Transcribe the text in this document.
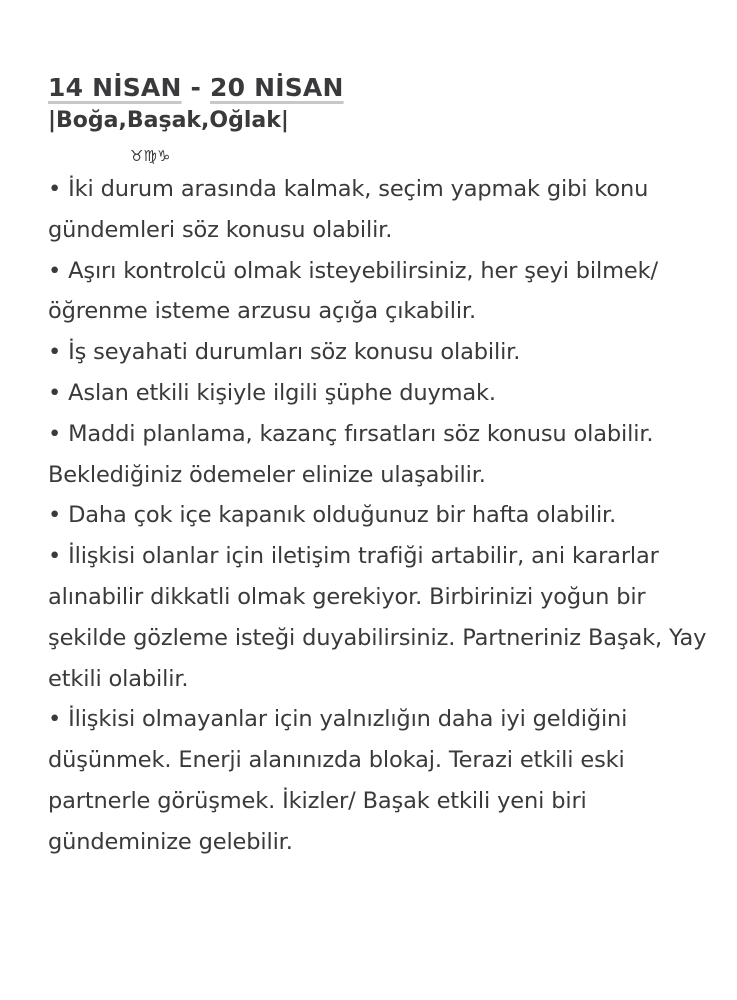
14 NİSAN - 20 NİSAN
|Boğa,Başak,Oğlak|
♉︎♍︎♑︎
• İki durum arasında kalmak, seçim yapmak gibi konu gündemleri söz konusu olabilir.
• Aşırı kontrolcü olmak isteyebilirsiniz, her şeyi bilmek/öğrenme isteme arzusu açığa çıkabilir.
• İş seyahati durumları söz konusu olabilir.
• Aslan etkili kişiyle ilgili şüphe duymak.
• Maddi planlama, kazanç fırsatları söz konusu olabilir. Beklediğiniz ödemeler elinize ulaşabilir.
• Daha çok içe kapanık olduğunuz bir hafta olabilir.
• İlişkisi olanlar için iletişim trafiği artabilir, ani kararlar alınabilir dikkatli olmak gerekiyor. Birbirinizi yoğun bir şekilde gözleme isteği duyabilirsiniz. Partneriniz Başak, Yay etkili olabilir.
• İlişkisi olmayanlar için yalnızlığın daha iyi geldiğini düşünmek. Enerji alanınızda blokaj. Terazi etkili eski partnerle görüşmek. İkizler/ Başak etkili yeni biri gündeminize gelebilir.
